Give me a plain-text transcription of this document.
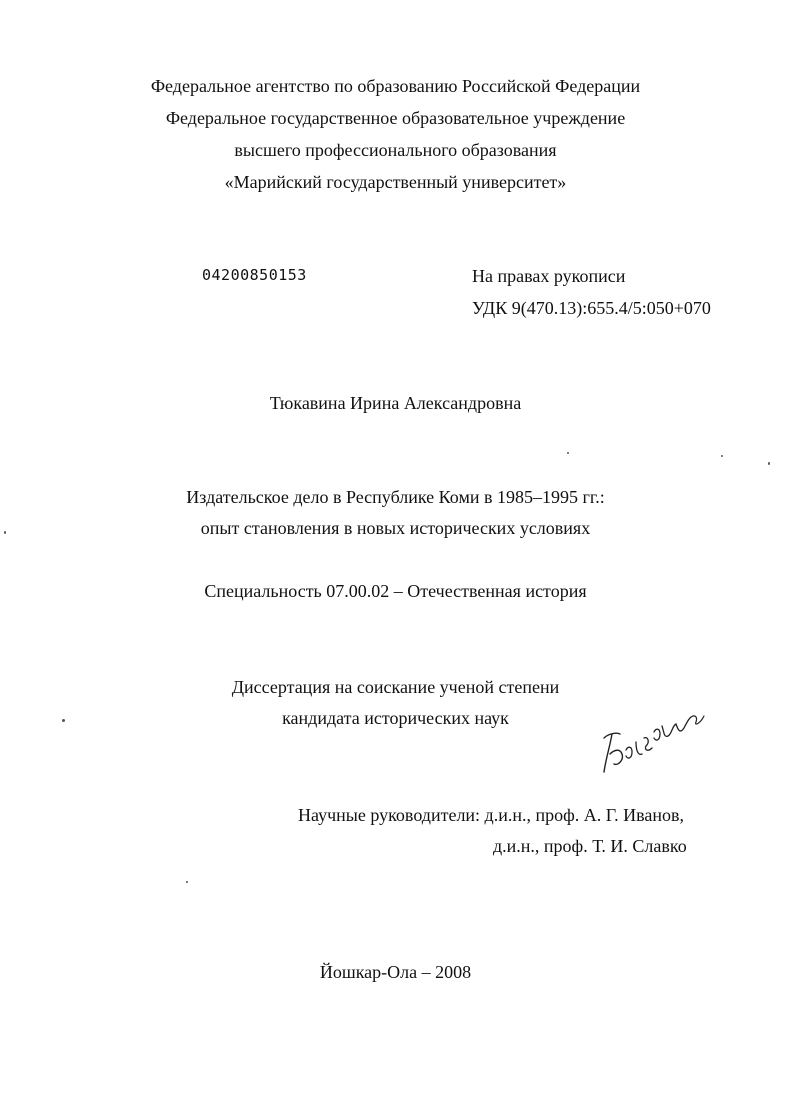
Федеральное агентство по образованию Российской Федерации
Федеральное государственное образовательное учреждение
высшего профессионального образования
«Марийский государственный университет»
04200850153	На правах рукописи
УДК 9(470.13):655.4/5:050+070
Тюкавина Ирина Александровна
Издательское дело в Республике Коми в 1985–1995 гг.:
опыт становления в новых исторических условиях
Специальность 07.00.02 – Отечественная история
Диссертация на соискание ученой степени
кандидата исторических наук
Научные руководители: д.и.н., проф. А. Г. Иванов,
д.и.н., проф. Т. И. Славко
Йошкар-Ола – 2008
